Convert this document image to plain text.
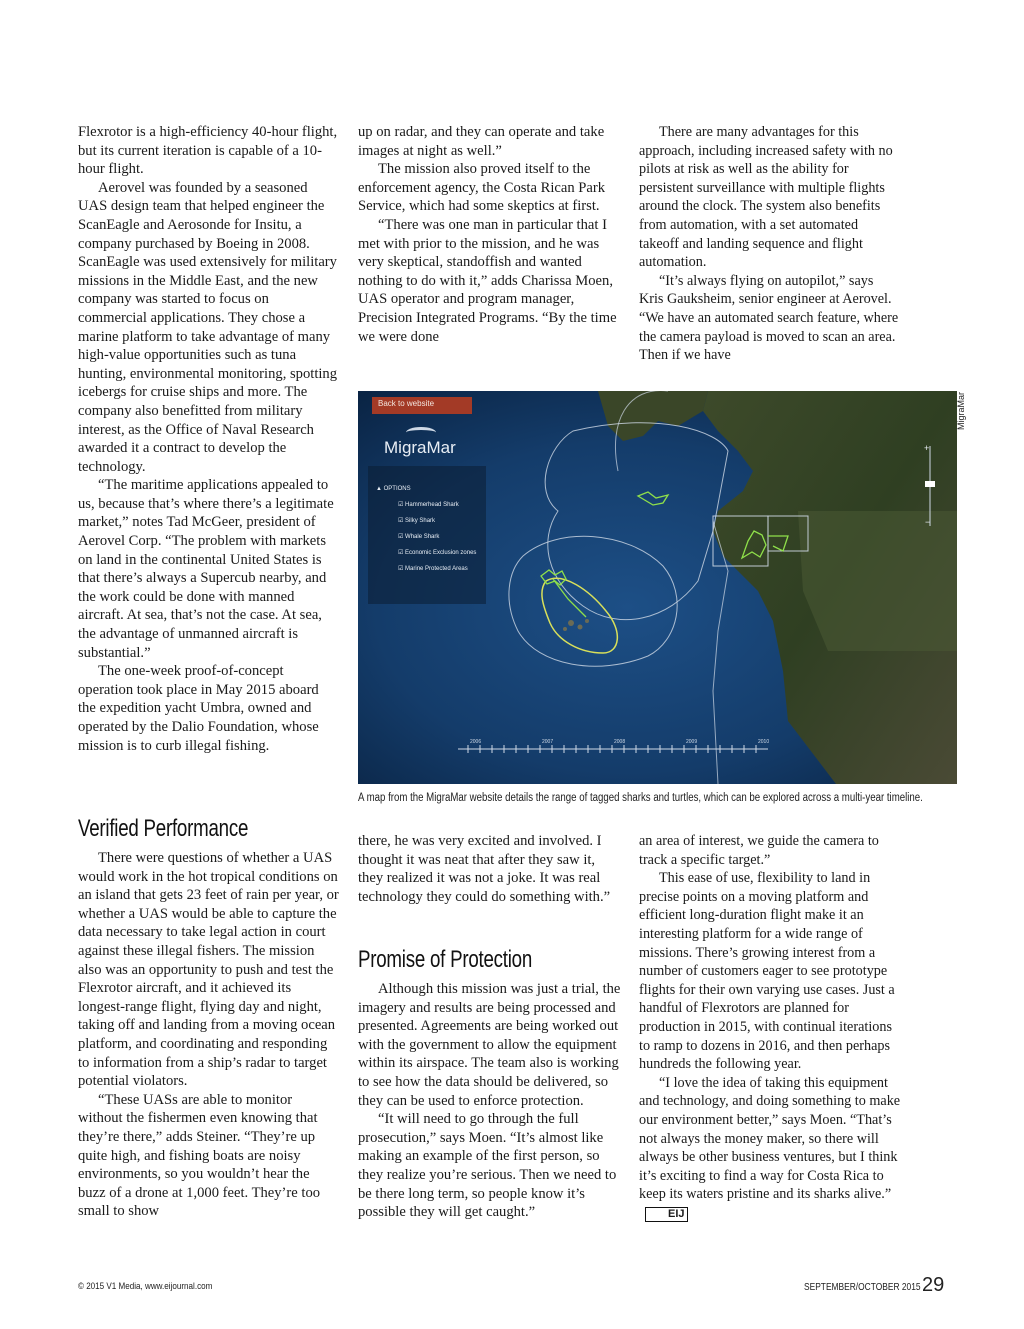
Flexrotor is a high-efficiency 40-hour flight, but its current iteration is capable of a 10-hour flight.

Aerovel was founded by a seasoned UAS design team that helped engineer the ScanEagle and Aerosonde for Insitu, a company purchased by Boeing in 2008. ScanEagle was used extensively for military missions in the Middle East, and the new company was started to focus on commercial applications. They chose a marine platform to take advantage of many high-value opportunities such as tuna hunting, environmental monitoring, spotting icebergs for cruise ships and more. The company also benefitted from military interest, as the Office of Naval Research awarded it a contract to develop the technology.

“The maritime applications appealed to us, because that’s where there’s a legitimate market,” notes Tad McGeer, president of Aerovel Corp. “The problem with markets on land in the continental United States is that there’s always a Supercub nearby, and the work could be done with manned aircraft. At sea, that’s not the case. At sea, the advantage of unmanned aircraft is substantial.”

The one-week proof-of-concept operation took place in May 2015 aboard the expedition yacht Umbra, owned and operated by the Dalio Foundation, whose mission is to curb illegal fishing.

Verified Performance

There were questions of whether a UAS would work in the hot tropical conditions on an island that gets 23 feet of rain per year, or whether a UAS would be able to capture the data necessary to take legal action in court against these illegal fishers. The mission also was an opportunity to push and test the Flexrotor aircraft, and it achieved its longest-range flight, flying day and night, taking off and landing from a moving ocean platform, and coordinating and responding to information from a ship’s radar to target potential violators.

“These UASs are able to monitor without the fishermen even knowing that they’re there,” adds Steiner. “They’re up quite high, and fishing boats are noisy environments, so you wouldn’t hear the buzz of a drone at 1,000 feet. They’re too small to show

up on radar, and they can operate and take images at night as well.”

The mission also proved itself to the enforcement agency, the Costa Rican Park Service, which had some skeptics at first.

“There was one man in particular that I met with prior to the mission, and he was very skeptical, standoffish and wanted nothing to do with it,” adds Charissa Moen, UAS operator and program manager, Precision Integrated Programs. “By the time we were done

There are many advantages for this approach, including increased safety with no pilots at risk as well as the ability for persistent surveillance with multiple flights around the clock. The system also benefits from automation, with a set automated takeoff and landing sequence and flight automation.

“It’s always flying on autopilot,” says Kris Gauksheim, senior engineer at Aerovel. “We have an automated search feature, where the camera payload is moved to scan an area. Then if we have

Back to website
MigraMar
▲ OPTIONS
☑ Hammerhead Shark
☑ Silky Shark
☑ Whale Shark
☑ Economic Exclusion zones
☑ Marine Protected Areas
2006	2007	2008	2009	2010
+
−
MigraMar
A map from the MigraMar website details the range of tagged sharks and turtles, which can be explored across a multi-year timeline.

there, he was very excited and involved. I thought it was neat that after they saw it, they realized it was not a joke. It was real technology they could do something with.”

Promise of Protection

Although this mission was just a trial, the imagery and results are being processed and presented. Agreements are being worked out with the government to allow the equipment within its airspace. The team also is working to see how the data should be delivered, so they can be used to enforce protection.

“It will need to go through the full prosecution,” says Moen. “It’s almost like making an example of the first person, so they realize you’re serious. Then we need to be there long term, so people know it’s possible they will get caught.”

an area of interest, we guide the camera to track a specific target.”

This ease of use, flexibility to land in precise points on a moving platform and efficient long-duration flight make it an interesting platform for a wide range of missions. There’s growing interest from a number of customers eager to see prototype flights for their own varying use cases. Just a handful of Flexrotors are planned for production in 2015, with continual iterations to ramp to dozens in 2016, and then perhaps hundreds the following year.

“I love the idea of taking this equipment and technology, and doing something to make our environment better,” says Moen. “That’s not always the money maker, so there will always be other business ventures, but I think it’s exciting to find a way for Costa Rica to keep its waters pristine and its sharks alive.”EIJ

© 2015 V1 Media, www.eijournal.com	SEPTEMBER/OCTOBER 2015 29
